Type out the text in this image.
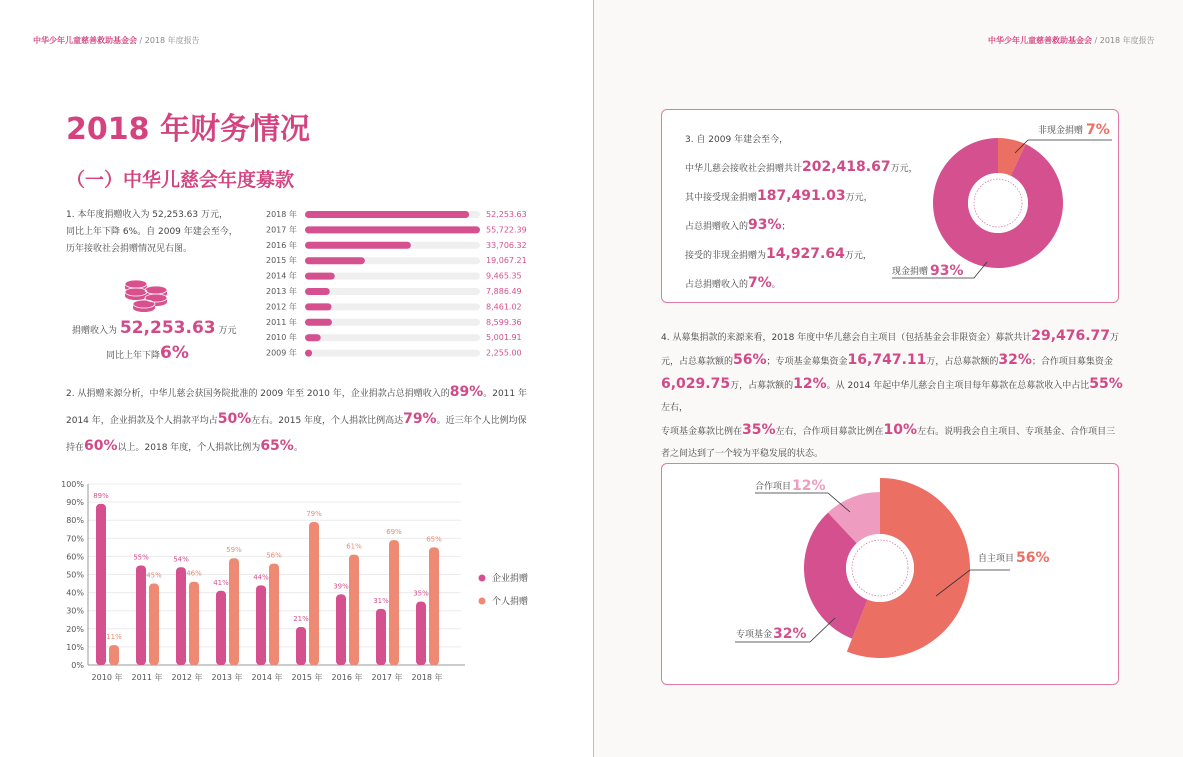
中华少年儿童慈善救助基金会 / 2018 年度报告
2018 年财务情况
（一）中华儿慈会年度募款
1. 本年度捐赠收入为 52,253.63 万元，
同比上年下降 6%。自 2009 年建会至今，
历年接收社会捐赠情况见右图。
捐赠收入为 52,253.63 万元
同比上年下降6%
2018 年	52,253.63
2017 年	55,722.39
2016 年	33,706.32
2015 年	19,067.21
2014 年	9,465.35
2013 年	7,886.49
2012 年	8,461.02
2011 年	8,599.36
2010 年	5,001.91
2009 年	2,255.00
2. 从捐赠来源分析，中华儿慈会获国务院批准的 2009 年至 2010 年，企业捐款占总捐赠收入的89%。2011 年
2014 年，企业捐款及个人捐款平均占50%左右。2015 年度，个人捐款比例高达79%。近三年个人比例均保
持在60%以上。2018 年度，个人捐款比例为65%。
0%
10%
20%
30%
40%
50%
60%
70%
80%
90%
100%
89%
11%
2010 年
55%
45%
2011 年
54%
46%
2012 年
41%
59%
2013 年
44%
56%
2014 年
21%
79%
2015 年
39%
61%
2016 年
31%
69%
2017 年
35%
65%
2018 年
企业捐赠
个人捐赠
中华少年儿童慈善救助基金会 / 2018 年度报告
3. 自 2009 年建会至今，
中华儿慈会接收社会捐赠共计202,418.67万元，
其中接受现金捐赠187,491.03万元，
占总捐赠收入的93%；
接受的非现金捐赠为14,927.64万元，
占总捐赠收入的7%。
非现金捐赠 7%
现金捐赠 93%
4. 从募集捐款的来源来看，2018 年度中华儿慈会自主项目（包括基金会非限资金）募款共计29,476.77万
元，占总募款额的56%；专项基金募集资金16,747.11万，占总募款额的32%；合作项目募集资金
6,029.75万，占募款额的12%。从 2014 年起中华儿慈会自主项目每年募款在总募款收入中占比55%左右，
专项基金募款比例在35%左右，合作项目募款比例在10%左右。说明我会自主项目、专项基金、合作项目三
者之间达到了一个较为平稳发展的状态。
自主项目 56%
专项基金 32%
合作项目 12%
